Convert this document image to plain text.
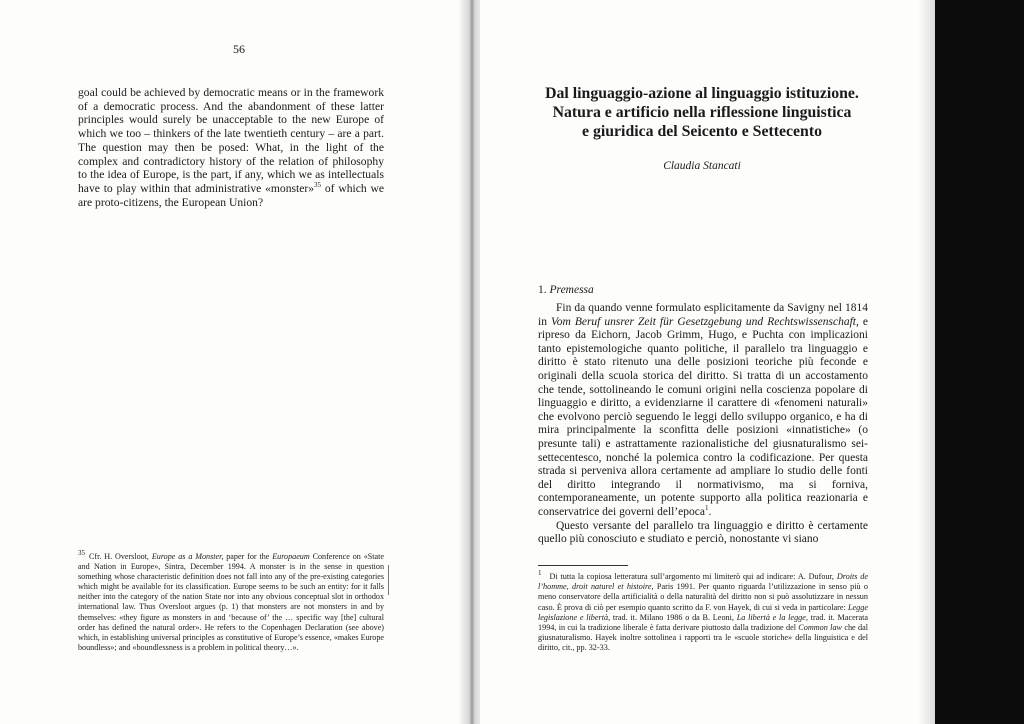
56
goal could be achieved by democratic means or in the framework of a democratic process. And the abandonment of these latter principles would surely be unacceptable to the new Europe of which we too – thinkers of the late twentieth century – are a part. The question may then be posed: What, in the light of the complex and contradictory history of the relation of philosophy to the idea of Europe, is the part, if any, which we as intellectuals have to play within that administrative «monster»$^{35}$ of which we are proto-citizens, the European Union?
35 Cfr. H. Oversloot, Europe as a Monster, paper for the Europaeum Conference on «State and Nation in Europe», Sintra, December 1994. A monster is in the sense in question something whose characteristic definition does not fall into any of the pre-existing categories which might be available for its classification. Europe seems to be such an entity: for it falls neither into the category of the nation State nor into any obvious conceptual slot in orthodox international law. Thus Oversloot argues (p. 1) that monsters are not monsters in and by themselves: «they figure as monsters in and ‘because of’ the … specific way [the] cultural order has defined the natural order». He refers to the Copenhagen Declaration (see above) which, in establishing universal principles as constitutive of Europe’s essence, «makes Europe boundless»; and «boundlessness is a problem in political theory…».
Dal linguaggio-azione al linguaggio istituzione.
Natura e artificio nella riflessione linguistica
e giuridica del Seicento e Settecento
Claudia Stancati
1. Premessa

Fin da quando venne formulato esplicitamente da Savigny nel 1814 in Vom Beruf unsrer Zeit für Gesetzgebung und Rechtswissenschaft, e ripreso da Eichorn, Jacob Grimm, Hugo, e Puchta con implicazioni tanto epistemologiche quanto politiche, il parallelo tra linguaggio e diritto è stato ritenuto una delle posizioni teoriche più feconde e originali della scuola storica del diritto. Si tratta di un accostamento che tende, sottolineando le comuni origini nella coscienza popolare di linguaggio e diritto, a evidenziarne il carattere di «fenomeni naturali» che evolvono perciò seguendo le leggi dello sviluppo organico, e ha di mira principalmente la sconfitta delle posizioni «innatistiche» (o presunte tali) e astrattamente razionalistiche del giusnaturalismo sei-settecentesco, nonché la polemica contro la codificazione. Per questa strada si perveniva allora certamente ad ampliare lo studio delle fonti del diritto integrando il normativismo, ma si forniva, contemporaneamente, un potente supporto alla politica reazionaria e conservatrice dei governi dell’epoca$^1$.

Questo versante del parallelo tra linguaggio e diritto è certamente quello più conosciuto e studiato e perciò, nonostante vi siano

1 Di tutta la copiosa letteratura sull’argomento mi limiterò qui ad indicare: A. Dufour, Droits de l’homme, droit naturel et histoire, Paris 1991. Per quanto riguarda l’utilizzazione in senso più o meno conservatore della artificialità o della naturalità del diritto non si può assolutizzare in nessun caso. È prova di ciò per esempio quanto scritto da F. von Hayek, di cui si veda in particolare: Legge legislazione e libertà, trad. it. Milano 1986 o da B. Leoni, La libertà e la legge, trad. it. Macerata 1994, in cui la tradizione liberale è fatta derivare piuttosto dalla tradizione del Common law che dal giusnaturalismo. Hayek inoltre sottolinea i rapporti tra le «scuole storiche» della linguistica e del diritto, cit., pp. 32-33.
